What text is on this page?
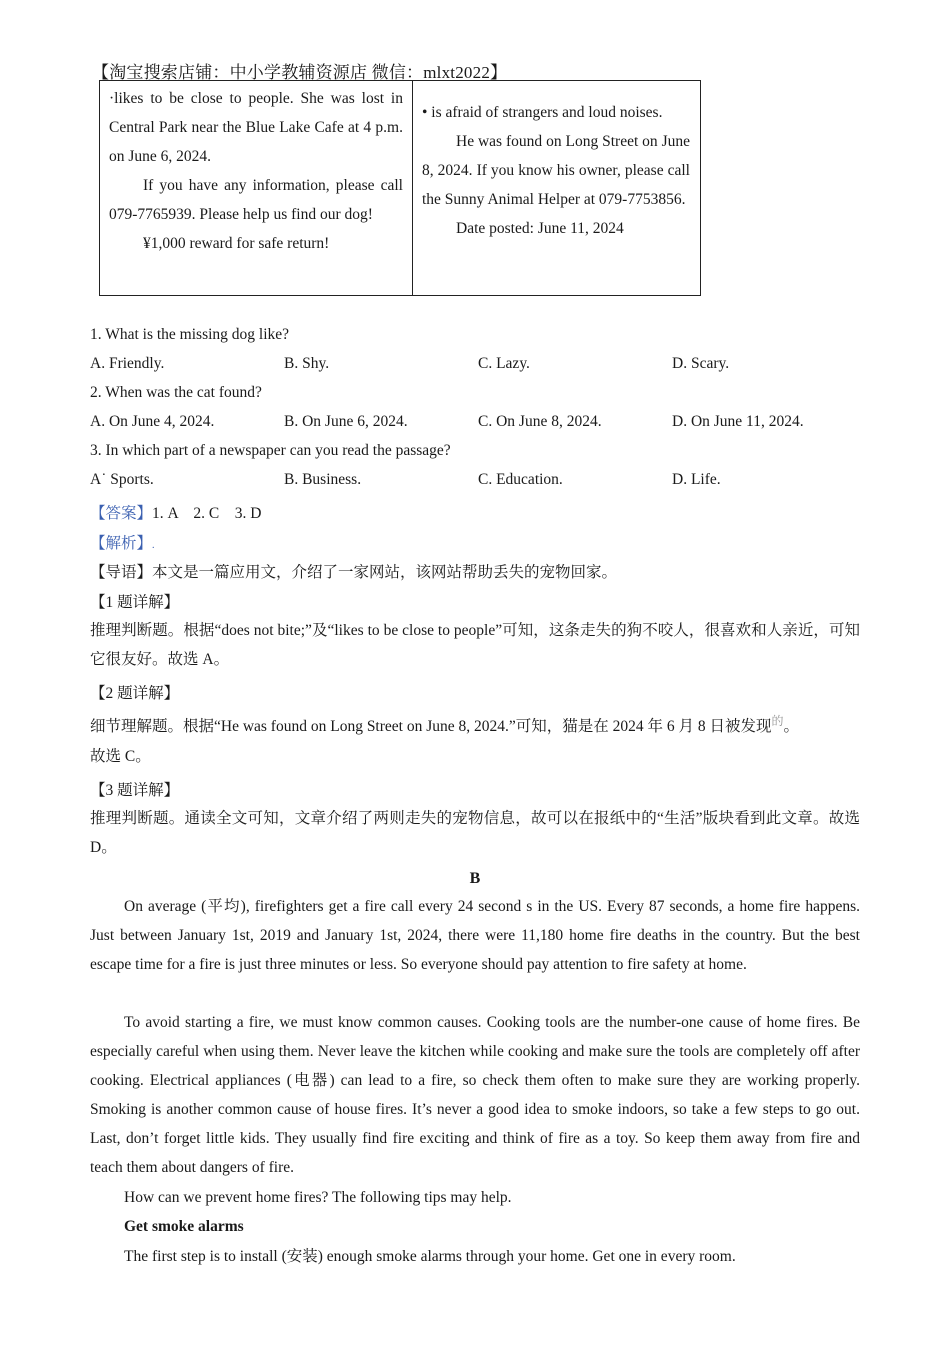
【淘宝搜索店铺：中小学教辅资源店 微信：mlxt2022】
·likes to be close to people. She was lost in Central Park near the Blue Lake Cafe at 4 p.m. on June 6, 2024.
If you have any information, please call 079-7765939. Please help us find our dog!
¥1,000 reward for safe return!
• is afraid of strangers and loud noises.
He was found on Long Street on June 8, 2024. If you know his owner, please call the Sunny Animal Helper at 079-7753856.
Date posted: June 11, 2024
1. What is the missing dog like?
A. Friendly.	B. Shy.	C. Lazy.	D. Scary.
2. When was the cat found?
A. On June 4, 2024.	B. On June 6, 2024.	C. On June 8, 2024.	D. On June 11, 2024.
3. In which part of a newspaper can you read the passage?
A˙ Sports.	B. Business.	C. Education.	D. Life.
【答案】1. A    2. C    3. D
【解析】.
【导语】本文是一篇应用文，介绍了一家网站，该网站帮助丢失的宠物回家。
【1 题详解】
推理判断题。根据“does not bite;”及“likes to be close to people”可知，这条走失的狗不咬人，很喜欢和人亲近，可知它很友好。故选 A。
【2 题详解】
细节理解题。根据“He was found on Long Street on June 8, 2024.”可知，猫是在 2024 年 6 月 8 日被发现$^的$。
故选 C。
【3 题详解】
推理判断题。通读全文可知，文章介绍了两则走失的宠物信息，故可以在报纸中的“生活”版块看到此文章。故选 D。
B
On average (平均), firefighters get a fire call every 24 second s in the US. Every 87 seconds, a home fire happens. Just between January 1st, 2019 and January 1st, 2024, there were 11,180 home fire deaths in the country. But the best escape time for a fire is just three minutes or less. So everyone should pay attention to fire safety at home.
To avoid starting a fire, we must know common causes. Cooking tools are the number-one cause of home fires. Be especially careful when using them. Never leave the kitchen while cooking and make sure the tools are completely off after cooking. Electrical appliances (电器) can lead to a fire, so check them often to make sure they are working properly. Smoking is another common cause of house fires. It’s never a good idea to smoke indoors, so take a few steps to go out. Last, don’t forget little kids. They usually find fire exciting and think of fire as a toy. So keep them away from fire and teach them about dangers of fire.
How can we prevent home fires? The following tips may help.
Get smoke alarms
The first step is to install (安装) enough smoke alarms through your home. Get one in every room.
